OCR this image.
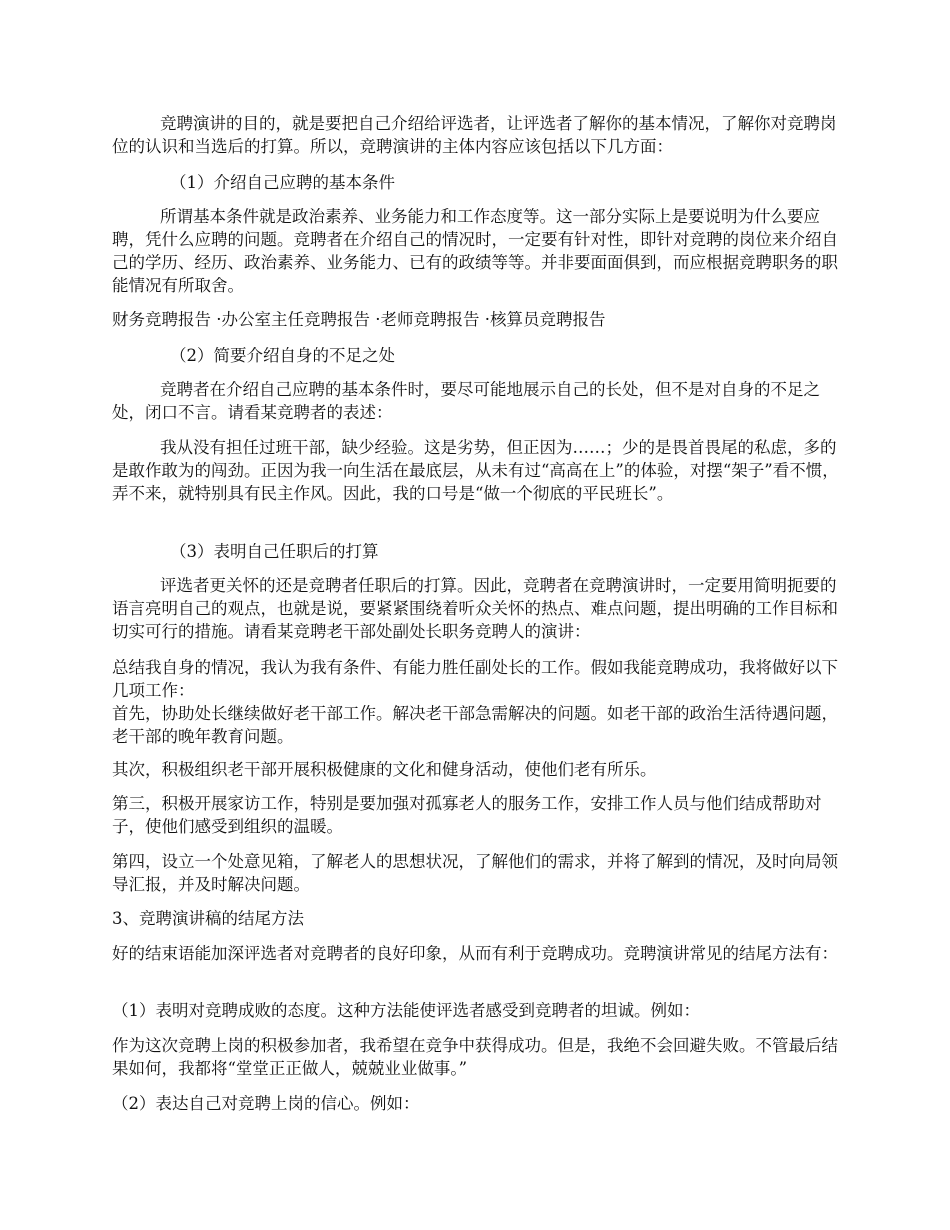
竞聘演讲的目的，就是要把自己介绍给评选者，让评选者了解你的基本情况，了解你对竞聘岗位的认识和当选后的打算。所以，竞聘演讲的主体内容应该包括以下几方面：

（1）介绍自己应聘的基本条件

所谓基本条件就是政治素养、业务能力和工作态度等。这一部分实际上是要说明为什么要应聘，凭什么应聘的问题。竞聘者在介绍自己的情况时，一定要有针对性，即针对竞聘的岗位来介绍自己的学历、经历、政治素养、业务能力、已有的政绩等等。并非要面面俱到，而应根据竞聘职务的职能情况有所取舍。

财务竞聘报告 ·办公室主任竞聘报告 ·老师竞聘报告 ·核算员竞聘报告

（2）简要介绍自身的不足之处

竞聘者在介绍自己应聘的基本条件时，要尽可能地展示自己的长处，但不是对自身的不足之处，闭口不言。请看某竞聘者的表述：

我从没有担任过班干部，缺少经验。这是劣势，但正因为……；少的是畏首畏尾的私虑，多的是敢作敢为的闯劲。正因为我一向生活在最底层，从未有过“高高在上”的体验，对摆“架子”看不惯，弄不来，就特别具有民主作风。因此，我的口号是“做一个彻底的平民班长”。

（3）表明自己任职后的打算

评选者更关怀的还是竞聘者任职后的打算。因此，竞聘者在竞聘演讲时，一定要用简明扼要的语言亮明自己的观点，也就是说，要紧紧围绕着听众关怀的热点、难点问题，提出明确的工作目标和切实可行的措施。请看某竞聘老干部处副处长职务竞聘人的演讲：

总结我自身的情况，我认为我有条件、有能力胜任副处长的工作。假如我能竞聘成功，我将做好以下几项工作：
首先，协助处长继续做好老干部工作。解决老干部急需解决的问题。如老干部的政治生活待遇问题，老干部的晚年教育问题。

其次，积极组织老干部开展积极健康的文化和健身活动，使他们老有所乐。

第三，积极开展家访工作，特别是要加强对孤寡老人的服务工作，安排工作人员与他们结成帮助对子，使他们感受到组织的温暖。

第四，设立一个处意见箱，了解老人的思想状况，了解他们的需求，并将了解到的情况，及时向局领导汇报，并及时解决问题。

3、竞聘演讲稿的结尾方法

好的结束语能加深评选者对竞聘者的良好印象，从而有利于竞聘成功。竞聘演讲常见的结尾方法有：

（1）表明对竞聘成败的态度。这种方法能使评选者感受到竞聘者的坦诚。例如：

作为这次竞聘上岗的积极参加者，我希望在竞争中获得成功。但是，我绝不会回避失败。不管最后结果如何，我都将“堂堂正正做人，兢兢业业做事。”

（2）表达自己对竞聘上岗的信心。例如：
